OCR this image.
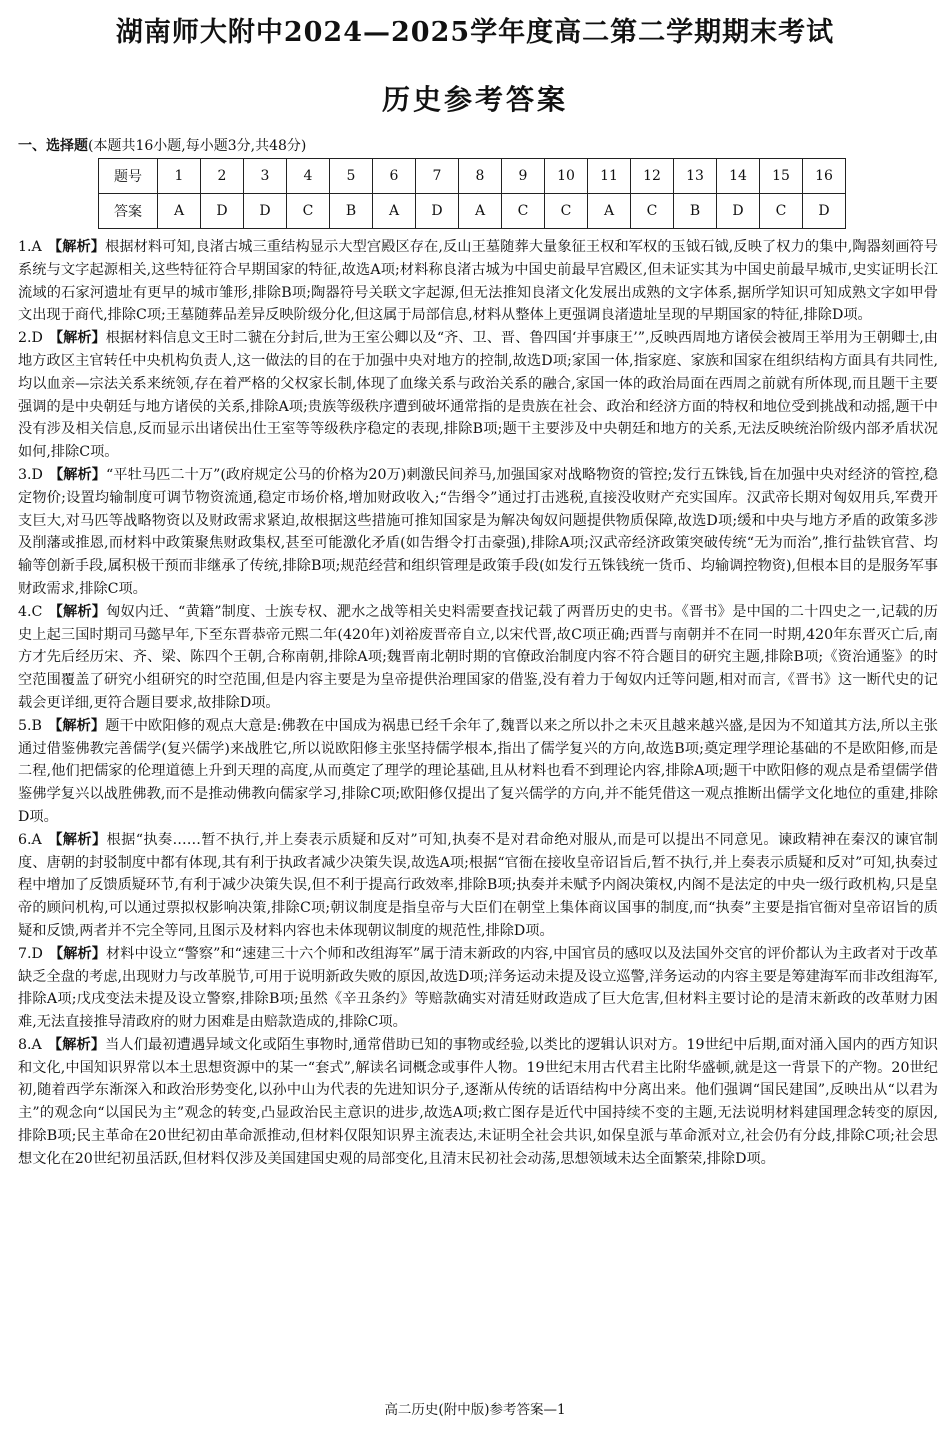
湖南师大附中2024—2025学年度高二第二学期期末考试
历史参考答案
一、选择题(本题共16小题,每小题3分,共48分)
题号	1	2	3	4	5	6	7	8	9	10	11	12	13	14	15	16
答案	A	D	D	C	B	A	D	A	C	C	A	C	B	D	C	D
1.A 【解析】根据材料可知,良渚古城三重结构显示大型宫殿区存在,反山王墓随葬大量象征王权和军权的玉钺石钺,反映了权力的集中,陶器刻画符号系统与文字起源相关,这些特征符合早期国家的特征,故选A项;材料称良渚古城为中国史前最早宫殿区,但未证实其为中国史前最早城市,史实证明长江流域的石家河遗址有更早的城市雏形,排除B项;陶器符号关联文字起源,但无法推知良渚文化发展出成熟的文字体系,据所学知识可知成熟文字如甲骨文出现于商代,排除C项;王墓随葬品差异反映阶级分化,但这属于局部信息,材料从整体上更强调良渚遗址呈现的早期国家的特征,排除D项。
2.D 【解析】根据材料信息文王时二虢在分封后,世为王室公卿以及“齐、卫、晋、鲁四国‘并事康王’”,反映西周地方诸侯会被周王举用为王朝卿士,由地方政区主官转任中央机构负责人,这一做法的目的在于加强中央对地方的控制,故选D项;家国一体,指家庭、家族和国家在组织结构方面具有共同性,均以血亲—宗法关系来统领,存在着严格的父权家长制,体现了血缘关系与政治关系的融合,家国一体的政治局面在西周之前就有所体现,而且题干主要强调的是中央朝廷与地方诸侯的关系,排除A项;贵族等级秩序遭到破坏通常指的是贵族在社会、政治和经济方面的特权和地位受到挑战和动摇,题干中没有涉及相关信息,反而显示出诸侯出仕王室等等级秩序稳定的表现,排除B项;题干主要涉及中央朝廷和地方的关系,无法反映统治阶级内部矛盾状况如何,排除C项。
3.D 【解析】“平牡马匹二十万”(政府规定公马的价格为20万)刺激民间养马,加强国家对战略物资的管控;发行五铢钱,旨在加强中央对经济的管控,稳定物价;设置均输制度可调节物资流通,稳定市场价格,增加财政收入;“告缗令”通过打击逃税,直接没收财产充实国库。汉武帝长期对匈奴用兵,军费开支巨大,对马匹等战略物资以及财政需求紧迫,故根据这些措施可推知国家是为解决匈奴问题提供物质保障,故选D项;缓和中央与地方矛盾的政策多涉及削藩或推恩,而材料中政策聚焦财政集权,甚至可能激化矛盾(如告缗令打击豪强),排除A项;汉武帝经济政策突破传统“无为而治”,推行盐铁官营、均输等创新手段,属积极干预而非继承了传统,排除B项;规范经营和组织管理是政策手段(如发行五铢钱统一货币、均输调控物资),但根本目的是服务军事财政需求,排除C项。
4.C 【解析】匈奴内迁、“黄籍”制度、士族专权、淝水之战等相关史料需要查找记载了两晋历史的史书。《晋书》是中国的二十四史之一,记载的历史上起三国时期司马懿早年,下至东晋恭帝元熙二年(420年)刘裕废晋帝自立,以宋代晋,故C项正确;西晋与南朝并不在同一时期,420年东晋灭亡后,南方才先后经历宋、齐、梁、陈四个王朝,合称南朝,排除A项;魏晋南北朝时期的官僚政治制度内容不符合题目的研究主题,排除B项;《资治通鉴》的时空范围覆盖了研究小组研究的时空范围,但是内容主要是为皇帝提供治理国家的借鉴,没有着力于匈奴内迁等问题,相对而言,《晋书》这一断代史的记载会更详细,更符合题目要求,故排除D项。
5.B 【解析】题干中欧阳修的观点大意是:佛教在中国成为祸患已经千余年了,魏晋以来之所以扑之未灭且越来越兴盛,是因为不知道其方法,所以主张通过借鉴佛教完善儒学(复兴儒学)来战胜它,所以说欧阳修主张坚持儒学根本,指出了儒学复兴的方向,故选B项;奠定理学理论基础的不是欧阳修,而是二程,他们把儒家的伦理道德上升到天理的高度,从而奠定了理学的理论基础,且从材料也看不到理论内容,排除A项;题干中欧阳修的观点是希望儒学借鉴佛学复兴以战胜佛教,而不是推动佛教向儒家学习,排除C项;欧阳修仅提出了复兴儒学的方向,并不能凭借这一观点推断出儒学文化地位的重建,排除D项。
6.A 【解析】根据“执奏……暂不执行,并上奏表示质疑和反对”可知,执奏不是对君命绝对服从,而是可以提出不同意见。谏政精神在秦汉的谏官制度、唐朝的封驳制度中都有体现,其有利于执政者减少决策失误,故选A项;根据“官衙在接收皇帝诏旨后,暂不执行,并上奏表示质疑和反对”可知,执奏过程中增加了反馈质疑环节,有利于减少决策失误,但不利于提高行政效率,排除B项;执奏并未赋予内阁决策权,内阁不是法定的中央一级行政机构,只是皇帝的顾问机构,可以通过票拟权影响决策,排除C项;朝议制度是指皇帝与大臣们在朝堂上集体商议国事的制度,而“执奏”主要是指官衙对皇帝诏旨的质疑和反馈,两者并不完全等同,且图示及材料内容也未体现朝议制度的规范性,排除D项。
7.D 【解析】材料中设立“警察”和“速建三十六个师和改组海军”属于清末新政的内容,中国官员的感叹以及法国外交官的评价都认为主政者对于改革缺乏全盘的考虑,出现财力与改革脱节,可用于说明新政失败的原因,故选D项;洋务运动未提及设立巡警,洋务运动的内容主要是筹建海军而非改组海军,排除A项;戊戌变法未提及设立警察,排除B项;虽然《辛丑条约》等赔款确实对清廷财政造成了巨大危害,但材料主要讨论的是清末新政的改革财力困难,无法直接推导清政府的财力困难是由赔款造成的,排除C项。
8.A 【解析】当人们最初遭遇异域文化或陌生事物时,通常借助已知的事物或经验,以类比的逻辑认识对方。19世纪中后期,面对涌入国内的西方知识和文化,中国知识界常以本土思想资源中的某一“套式”,解读名词概念或事件人物。19世纪末用古代君主比附华盛顿,就是这一背景下的产物。20世纪初,随着西学东渐深入和政治形势变化,以孙中山为代表的先进知识分子,逐渐从传统的话语结构中分离出来。他们强调“国民建国”,反映出从“以君为主”的观念向“以国民为主”观念的转变,凸显政治民主意识的进步,故选A项;救亡图存是近代中国持续不变的主题,无法说明材料建国理念转变的原因,排除B项;民主革命在20世纪初由革命派推动,但材料仅限知识界主流表达,未证明全社会共识,如保皇派与革命派对立,社会仍有分歧,排除C项;社会思想文化在20世纪初虽活跃,但材料仅涉及美国建国史观的局部变化,且清末民初社会动荡,思想领域未达全面繁荣,排除D项。
高二历史(附中版)参考答案—1
